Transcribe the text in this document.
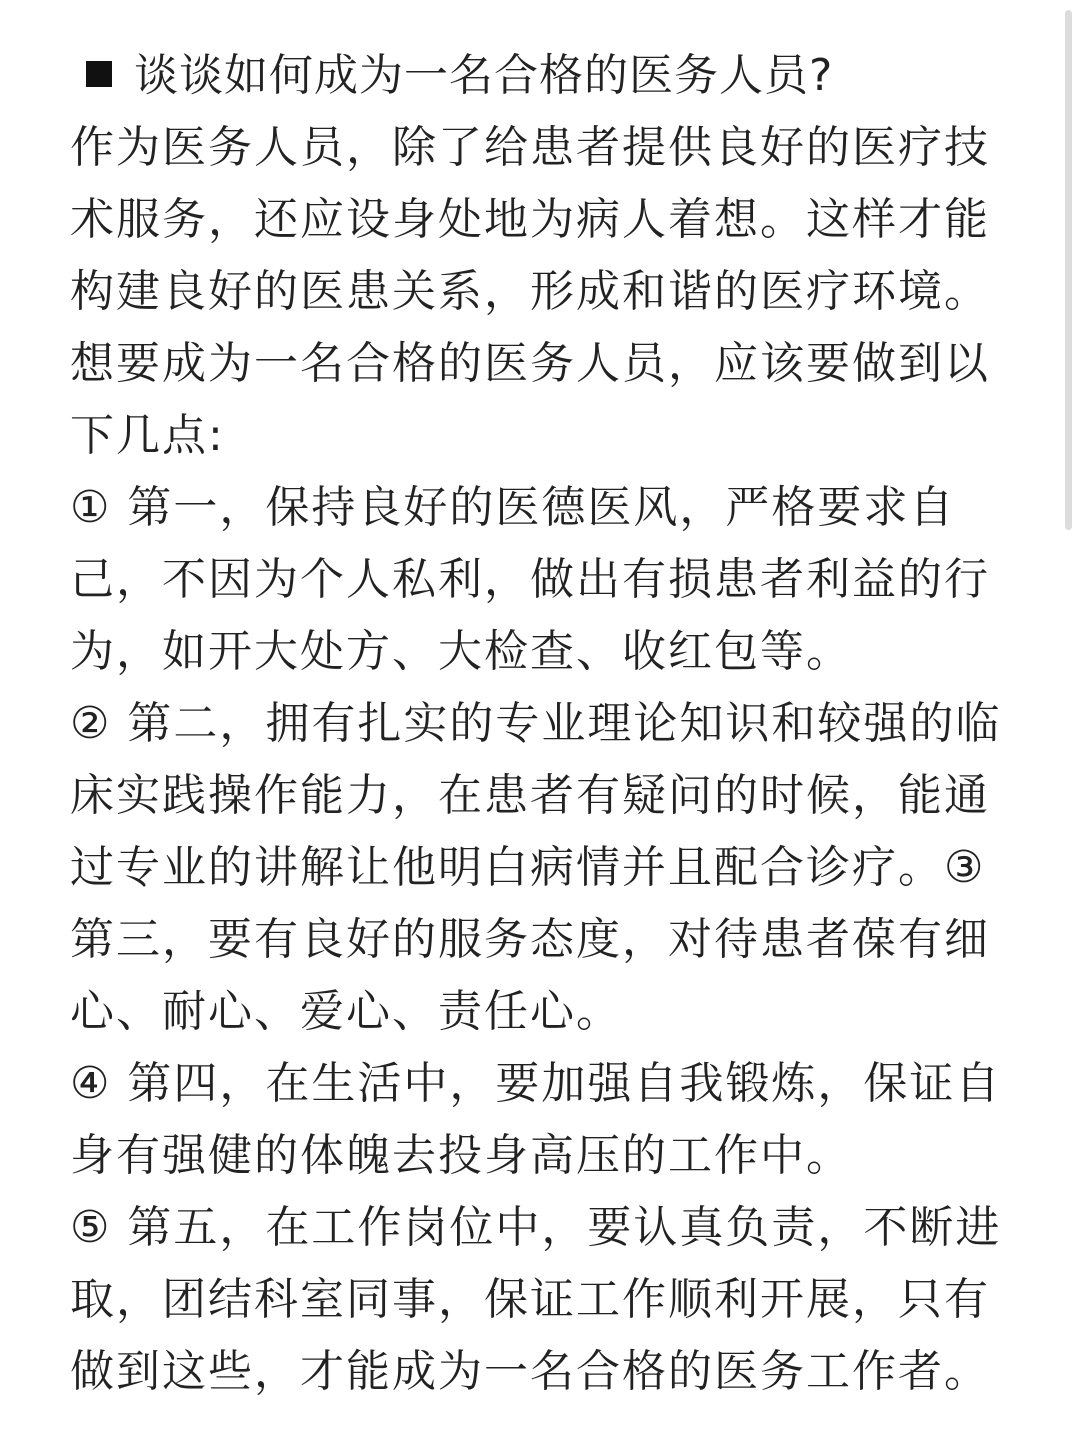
谈谈如何成为一名合格的医务人员?

作为医务人员，除了给患者提供良好的医疗技术服务，还应设身处地为病人着想。这样才能构建良好的医患关系，形成和谐的医疗环境。想要成为一名合格的医务人员，应该要做到以下几点:

① 第一，保持良好的医德医风，严格要求自己，不因为个人私利，做出有损患者利益的行为，如开大处方、大检查、收红包等。

② 第二，拥有扎实的专业理论知识和较强的临床实践操作能力，在患者有疑问的时候，能通过专业的讲解让他明白病情并且配合诊疗。③ 第三，要有良好的服务态度，对待患者葆有细心、耐心、爱心、责任心。

④ 第四，在生活中，要加强自我锻炼，保证自身有强健的体魄去投身高压的工作中。

⑤ 第五，在工作岗位中，要认真负责，不断进取，团结科室同事，保证工作顺利开展，只有做到这些，才能成为一名合格的医务工作者。
